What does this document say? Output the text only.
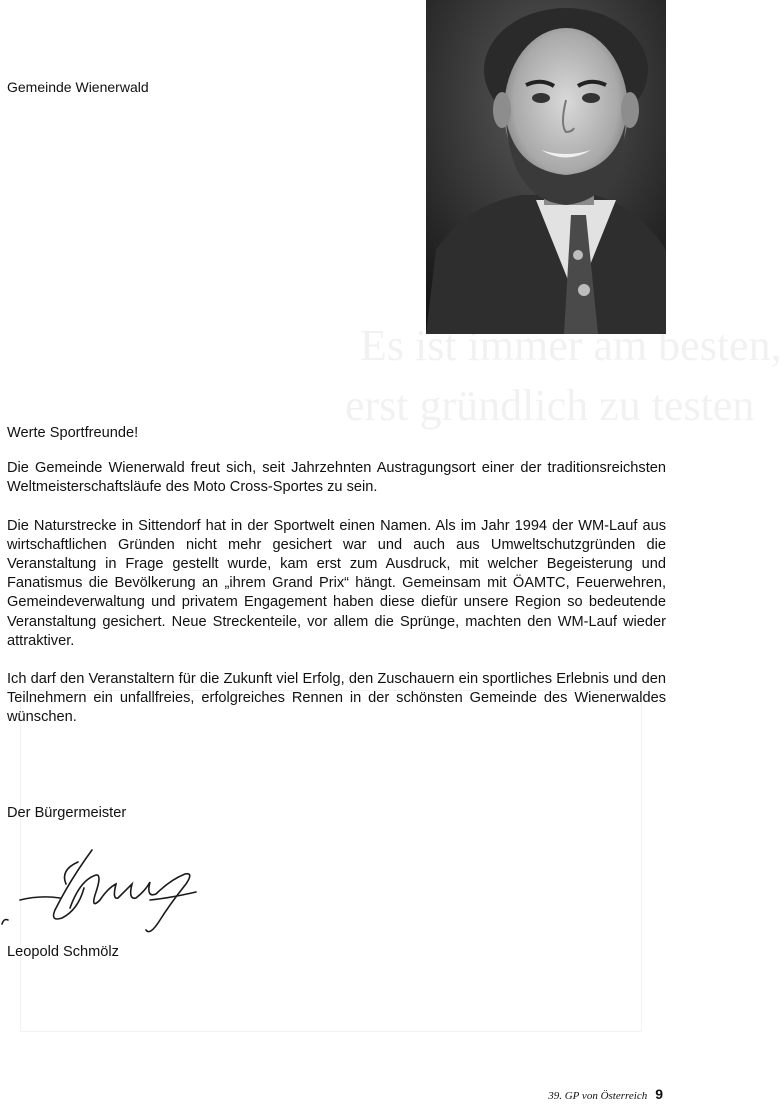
Es ist immer am besten,
erst gründlich zu testen
Gemeinde Wienerwald

Werte Sportfreunde!

Die Gemeinde Wienerwald freut sich, seit Jahrzehnten Austragungsort einer der traditionsreichsten Weltmeisterschaftsläufe des Moto Cross-Sportes zu sein.

Die Naturstrecke in Sittendorf hat in der Sportwelt einen Namen. Als im Jahr 1994 der WM-Lauf aus wirtschaftlichen Gründen nicht mehr gesichert war und auch aus Umweltschutzgründen die Veranstaltung in Frage gestellt wurde, kam erst zum Ausdruck, mit welcher Begeisterung und Fanatismus die Bevölkerung an „ihrem Grand Prix“ hängt. Gemeinsam mit ÖAMTC, Feuerwehren, Gemeindeverwaltung und privatem Engagement haben diese diefür unsere Region so bedeutende Veranstaltung gesichert. Neue Streckenteile, vor allem die Sprünge, machten den WM-Lauf wieder attraktiver.

Ich darf den Veranstaltern für die Zukunft viel Erfolg, den Zuschauern ein sportliches Erlebnis und den Teilnehmern ein unfallfreies, erfolgreiches Rennen in der schönsten Gemeinde des Wienerwaldes wünschen.

Der Bürgermeister
Leopold Schmölz
39. GP von Österreich 9
